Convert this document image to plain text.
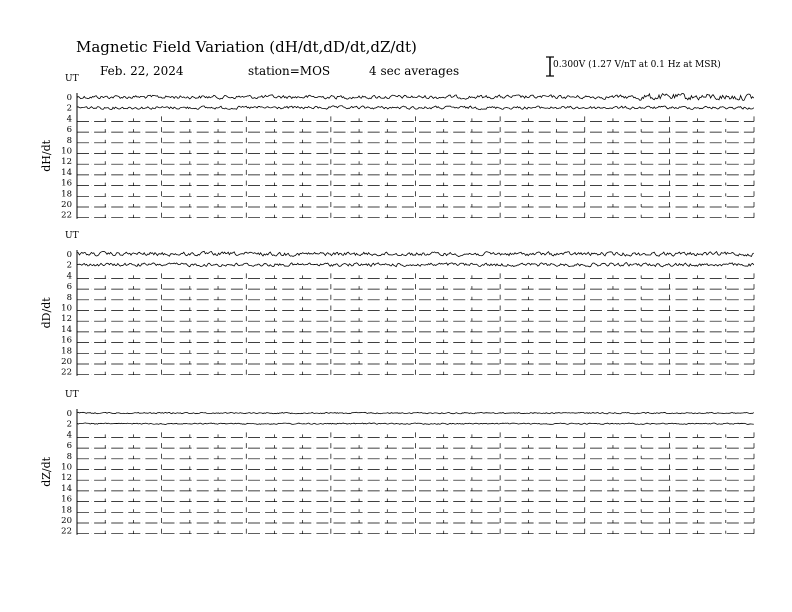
Magnetic Field Variation (dH/dt,dD/dt,dZ/dt)
Feb. 22, 2024	station=MOS	4 sec averages	0.300V (1.27 V/nT at 0.1 Hz at MSR)
UT
dH/dt
0
2
4
6
8
10
12
14
16
18
20
22
UT
dD/dt
0
2
4
6
8
10
12
14
16
18
20
22
UT
dZ/dt
0
2
4
6
8
10
12
14
16
18
20
22
